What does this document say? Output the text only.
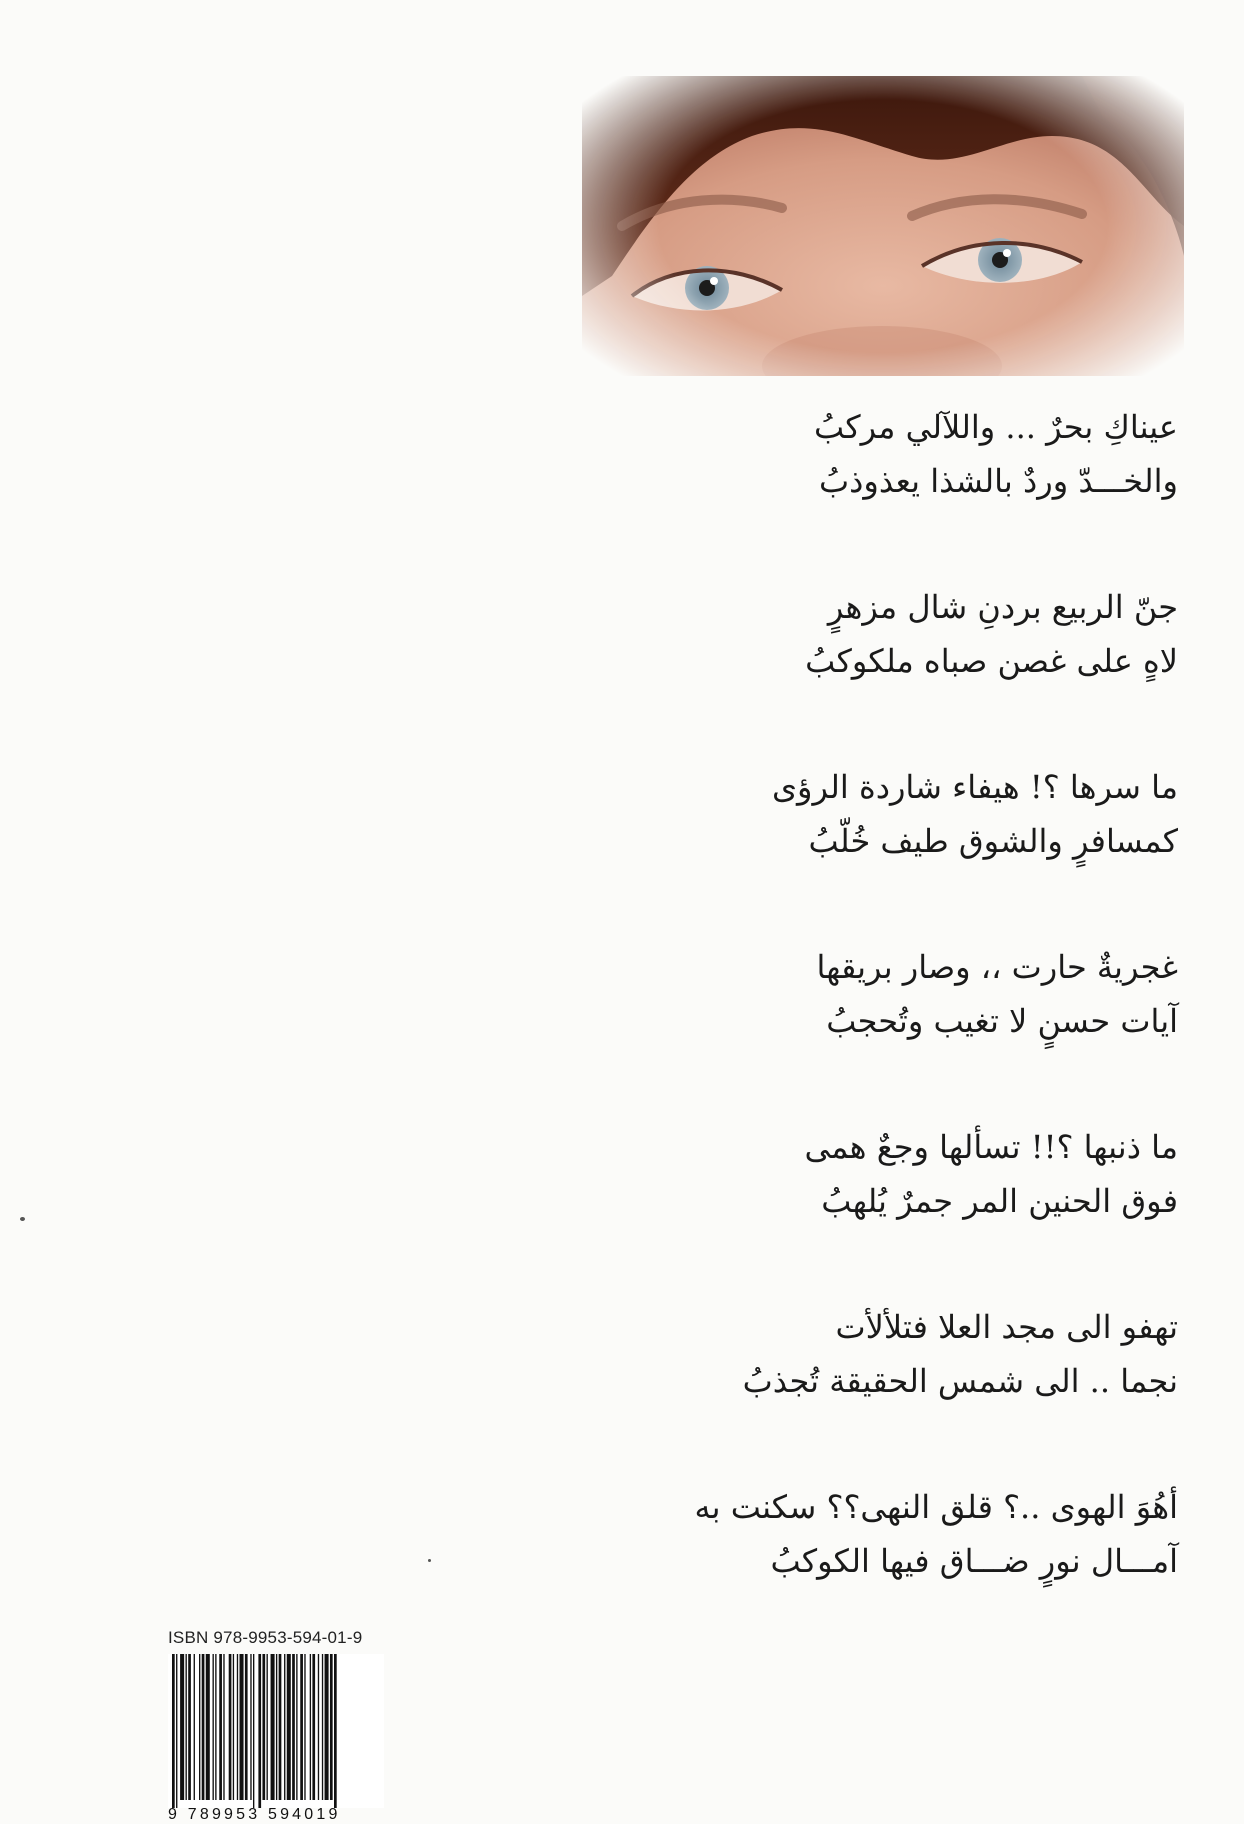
عيناكِ بحرٌ ... واللآلي مركبُ
والخـــدّ وردٌ بالشذا يعذوذبُ
جنّ الربيع بردنِ شال مزهرٍ
لاهٍ على غصن صباه ملكوكبُ
ما سرها ؟! هيفاء شاردة الرؤى
كمسافرٍ والشوق طيف خُلّبُ
غجريةٌ حارت ،، وصار بريقها
آيات حسنٍ لا تغيب وتُحجبُ
ما ذنبها ؟!! تسألها وجعٌ همى
فوق الحنين المر جمرٌ يُلهبُ
تهفو الى مجد العلا فتلألأت
نجما .. الى شمس الحقيقة تُجذبُ
أهُوَ الهوى ..؟ قلق النهى؟؟ سكنت به
آمـــال نورٍ ضـــاق فيها الكوكبُ
ISBN 978-9953-594-01-9
9 789953 594019
